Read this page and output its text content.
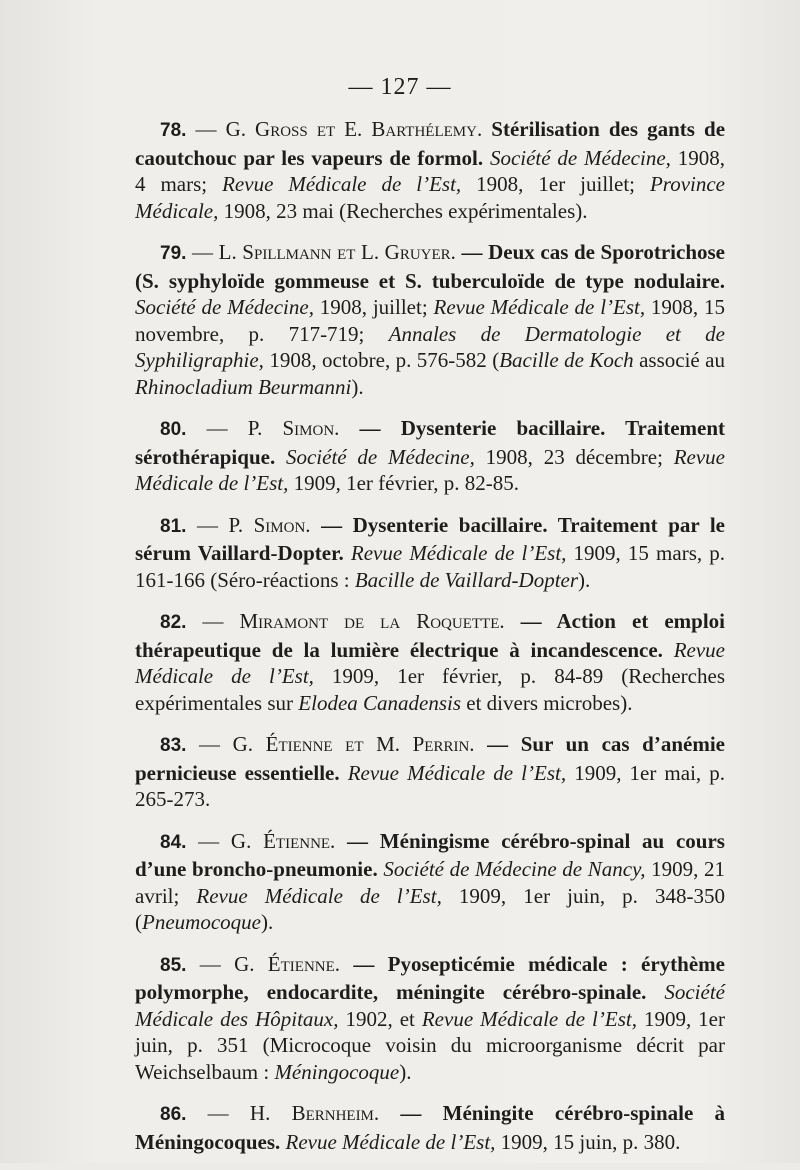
— 127 —

78. — G. Gross et E. Barthélemy. Stérilisation des gants de caoutchouc par les vapeurs de formol. Société de Médecine, 1908, 4 mars; Revue Médicale de l’Est, 1908, 1er juillet; Province Médicale, 1908, 23 mai (Recherches expérimentales).

79. — L. Spillmann et L. Gruyer. — Deux cas de Sporotrichose (S. syphyloïde gommeuse et S. tuberculoïde de type nodulaire. Société de Médecine, 1908, juillet; Revue Médicale de l’Est, 1908, 15 novembre, p. 717-719; Annales de Dermatologie et de Syphiligraphie, 1908, octobre, p. 576-582 (Bacille de Koch associé au Rhinocladium Beurmanni).

80. — P. Simon. — Dysenterie bacillaire. Traitement sérothérapique. Société de Médecine, 1908, 23 décembre; Revue Médicale de l’Est, 1909, 1er février, p. 82-85.

81. — P. Simon. — Dysenterie bacillaire. Traitement par le sérum Vaillard-Dopter. Revue Médicale de l’Est, 1909, 15 mars, p. 161-166 (Séro-réactions : Bacille de Vaillard-Dopter).

82. — Miramont de la Roquette. — Action et emploi thérapeutique de la lumière électrique à incandescence. Revue Médicale de l’Est, 1909, 1er février, p. 84-89 (Recherches expérimentales sur Elodea Canadensis et divers microbes).

83. — G. Étienne et M. Perrin. — Sur un cas d’anémie pernicieuse essentielle. Revue Médicale de l’Est, 1909, 1er mai, p. 265-273.

84. — G. Étienne. — Méningisme cérébro-spinal au cours d’une broncho-pneumonie. Société de Médecine de Nancy, 1909, 21 avril; Revue Médicale de l’Est, 1909, 1er juin, p. 348-350 (Pneumocoque).

85. — G. Étienne. — Pyosepticémie médicale : érythème polymorphe, endocardite, méningite cérébro-spinale. Société Médicale des Hôpitaux, 1902, et Revue Médicale de l’Est, 1909, 1er juin, p. 351 (Microcoque voisin du microorganisme décrit par Weichselbaum : Méningocoque).

86. — H. Bernheim. — Méningite cérébro-spinale à Méningocoques. Revue Médicale de l’Est, 1909, 15 juin, p. 380.
